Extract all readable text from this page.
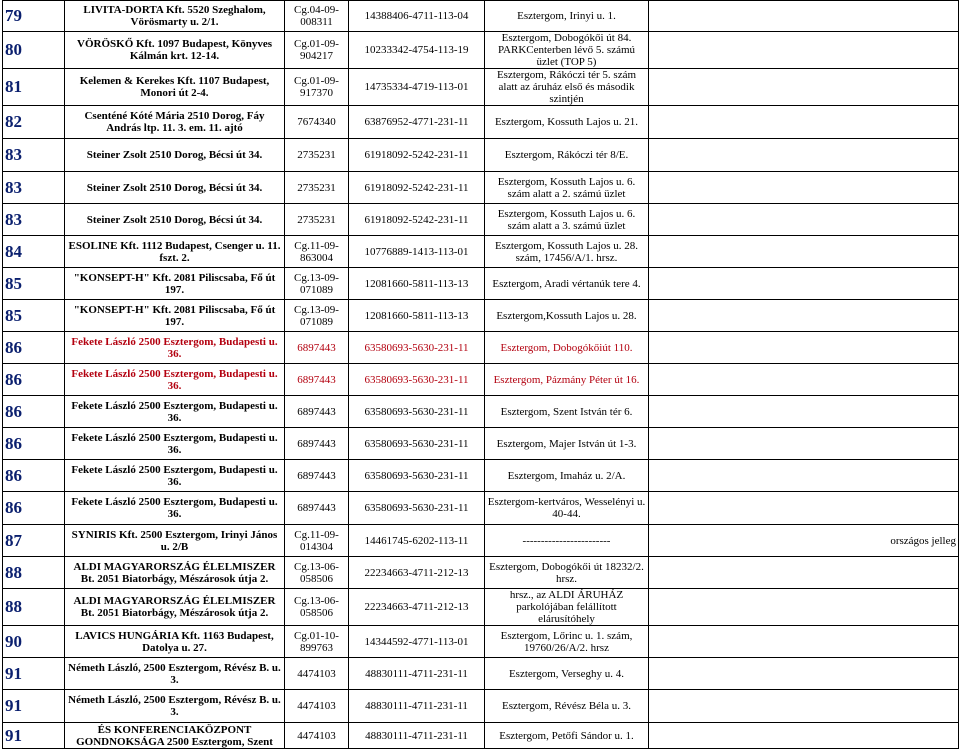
79	LIVITA-DORTA Kft. 5520 Szeghalom, Vörösmarty u. 2/1.	Cg.04-09-008311	14388406-4711-113-04	Esztergom, Irinyi u. 1.	
80	VÖRÖSKŐ Kft. 1097 Budapest, Könyves Kálmán krt. 12-14.	Cg.01-09-904217	10233342-4754-113-19	Esztergom, Dobogókői út 84. PARKCenterben lévő 5. számú üzlet (TOP 5)	
81	Kelemen & Kerekes Kft. 1107 Budapest, Monori út 2-4.	Cg.01-09-917370	14735334-4719-113-01	Esztergom, Rákóczi tér 5. szám alatt az áruház első és második szintjén	
82	Csenténé Kóté Mária 2510 Dorog, Fáy András ltp. 11. 3. em. 11. ajtó	7674340	63876952-4771-231-11	Esztergom, Kossuth Lajos u. 21.	
83	Steiner Zsolt 2510 Dorog, Bécsi út 34.	2735231	61918092-5242-231-11	Esztergom, Rákóczi tér 8/E.	
83	Steiner Zsolt 2510 Dorog, Bécsi út 34.	2735231	61918092-5242-231-11	Esztergom, Kossuth Lajos u. 6. szám alatt a 2. számú üzlet	
83	Steiner Zsolt 2510 Dorog, Bécsi út 34.	2735231	61918092-5242-231-11	Esztergom, Kossuth Lajos u. 6. szám alatt a 3. számú üzlet	
84	ESOLINE Kft. 1112 Budapest, Csenger u. 11. fszt. 2.	Cg.11-09-863004	10776889-1413-113-01	Esztergom, Kossuth Lajos u. 28. szám, 17456/A/1. hrsz.	
85	"KONSEPT-H" Kft. 2081 Piliscsaba, Fő út 197.	Cg.13-09-071089	12081660-5811-113-13	Esztergom, Aradi vértanúk tere 4.	
85	"KONSEPT-H" Kft. 2081 Piliscsaba, Fő út 197.	Cg.13-09-071089	12081660-5811-113-13	Esztergom,Kossuth Lajos u. 28.	
86	Fekete László 2500 Esztergom, Budapesti u. 36.	6897443	63580693-5630-231-11	Esztergom, Dobogókőiút 110.	
86	Fekete László 2500 Esztergom, Budapesti u. 36.	6897443	63580693-5630-231-11	Esztergom, Pázmány Péter út 16.	
86	Fekete László 2500 Esztergom, Budapesti u. 36.	6897443	63580693-5630-231-11	Esztergom, Szent István tér 6.	
86	Fekete László 2500 Esztergom, Budapesti u. 36.	6897443	63580693-5630-231-11	Esztergom, Majer István út 1-3.	
86	Fekete László 2500 Esztergom, Budapesti u. 36.	6897443	63580693-5630-231-11	Esztergom, Imaház u. 2/A.	
86	Fekete László 2500 Esztergom, Budapesti u. 36.	6897443	63580693-5630-231-11	Esztergom-kertváros, Wesselényi u. 40-44.	
87	SYNIRIS Kft. 2500 Esztergom, Irinyi János u. 2/B	Cg.11-09-014304	14461745-6202-113-11	------------------------	országos jelleg
88	ALDI MAGYARORSZÁG ÉLELMISZER Bt. 2051 Biatorbágy, Mészárosok útja 2.	Cg.13-06-058506	22234663-4711-212-13	Esztergom, Dobogókői út 18232/2. hrsz.	
88	ALDI MAGYARORSZÁG ÉLELMISZER Bt. 2051 Biatorbágy, Mészárosok útja 2.	Cg.13-06-058506	22234663-4711-212-13	hrsz., az ALDI ÁRUHÁZ parkolójában felállított elárusítóhely	
90	LAVICS HUNGÁRIA Kft. 1163 Budapest, Datolya u. 27.	Cg.01-10-899763	14344592-4771-113-01	Esztergom, Lőrinc u. 1. szám, 19760/26/A/2. hrsz	
91	Németh László, 2500 Esztergom, Révész B. u. 3.	4474103	48830111-4711-231-11	Esztergom, Verseghy u. 4.	
91	Németh László, 2500 Esztergom, Révész B. u. 3.	4474103	48830111-4711-231-11	Esztergom, Révész Béla u. 3.	
91	ÉS KONFERENCIAKÖZPONT GONDNOKSÁGA 2500 Esztergom, Szent	4474103	48830111-4711-231-11	Esztergom, Petőfi Sándor u. 1.	
